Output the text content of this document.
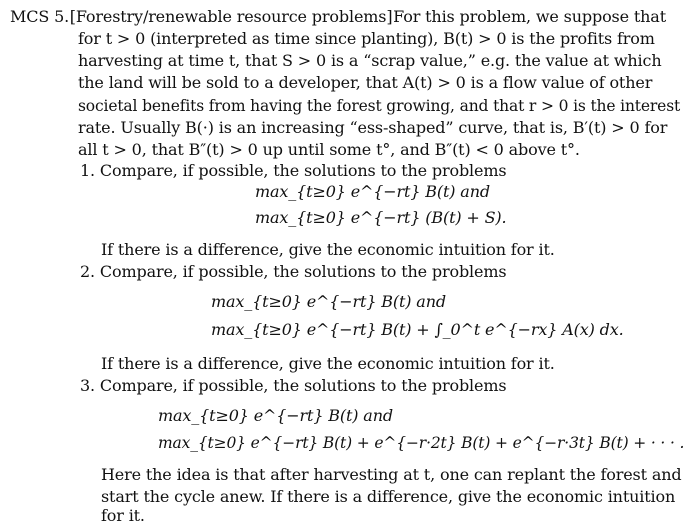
MCS 5. [Forestry/renewable resource problems] For this problem, we suppose that
for t > 0 (interpreted as time since planting), B(t) > 0 is the profits from
harvesting at time t, that S > 0 is a “scrap value,” e.g. the value at which
the land will be sold to a developer, that A(t) > 0 is a flow value of other
societal benefits from having the forest growing, and that r > 0 is the interest
rate. Usually B(·) is an increasing “ess-shaped” curve, that is, B′(t) > 0 for
all t > 0, that B″(t) > 0 up until some t°, and B″(t) < 0 above t°.
1. Compare, if possible, the solutions to the problems
max_{t≥0} e^{−rt} B(t) and
max_{t≥0} e^{−rt} (B(t) + S).
If there is a difference, give the economic intuition for it.
2. Compare, if possible, the solutions to the problems
max_{t≥0} e^{−rt} B(t) and
max_{t≥0} e^{−rt} B(t) + ∫_0^t e^{−rx} A(x) dx.
If there is a difference, give the economic intuition for it.
3. Compare, if possible, the solutions to the problems
max_{t≥0} e^{−rt} B(t) and
max_{t≥0} e^{−rt} B(t) + e^{−r·2t} B(t) + e^{−r·3t} B(t) + · · · .
Here the idea is that after harvesting at t, one can replant the forest and
start the cycle anew. If there is a difference, give the economic intuition
for it.
